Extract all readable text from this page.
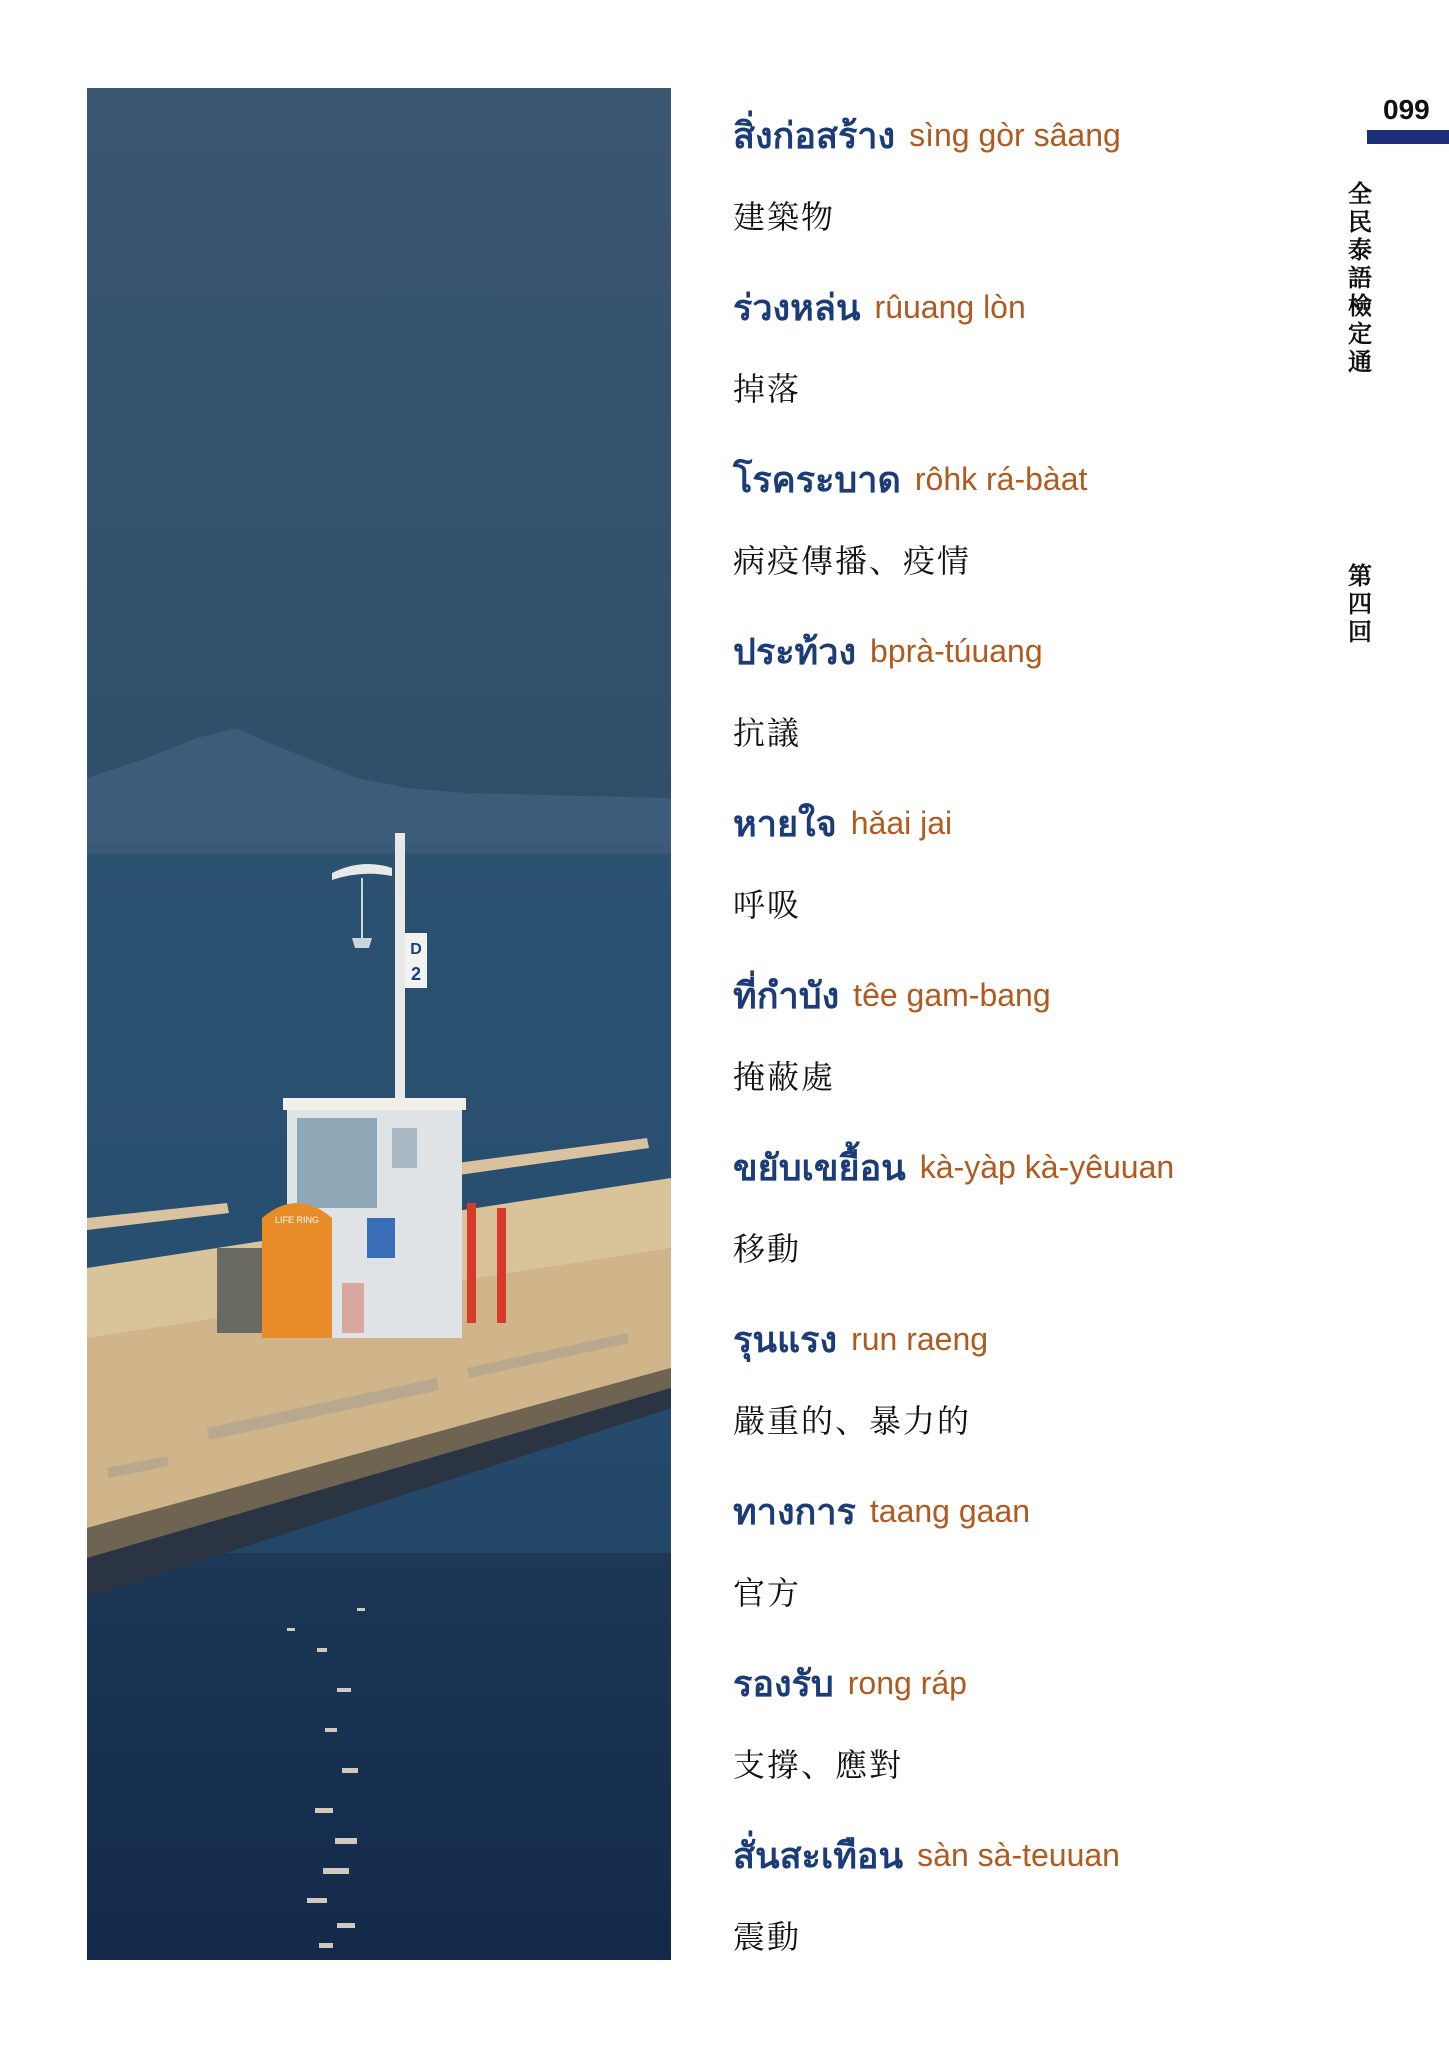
D
2
LIFE RING
สิ่งก่อสร้าง sìng gòr sâang
建築物
ร่วงหล่น rûuang lòn
掉落
โรคระบาด rôhk rá-bàat
病疫傳播、疫情
ประท้วง bprà-túuang
抗議
หายใจ hǎai jai
呼吸
ที่กำบัง têe gam-bang
掩蔽處
ขยับเขยื้อน kà-yàp kà-yêuuan
移動
รุนแรง run raeng
嚴重的、暴力的
ทางการ taang gaan
官方
รองรับ rong ráp
支撐、應對
สั่นสะเทือน sàn sà-teuuan
震動
099
全民泰語檢定通
第四回
